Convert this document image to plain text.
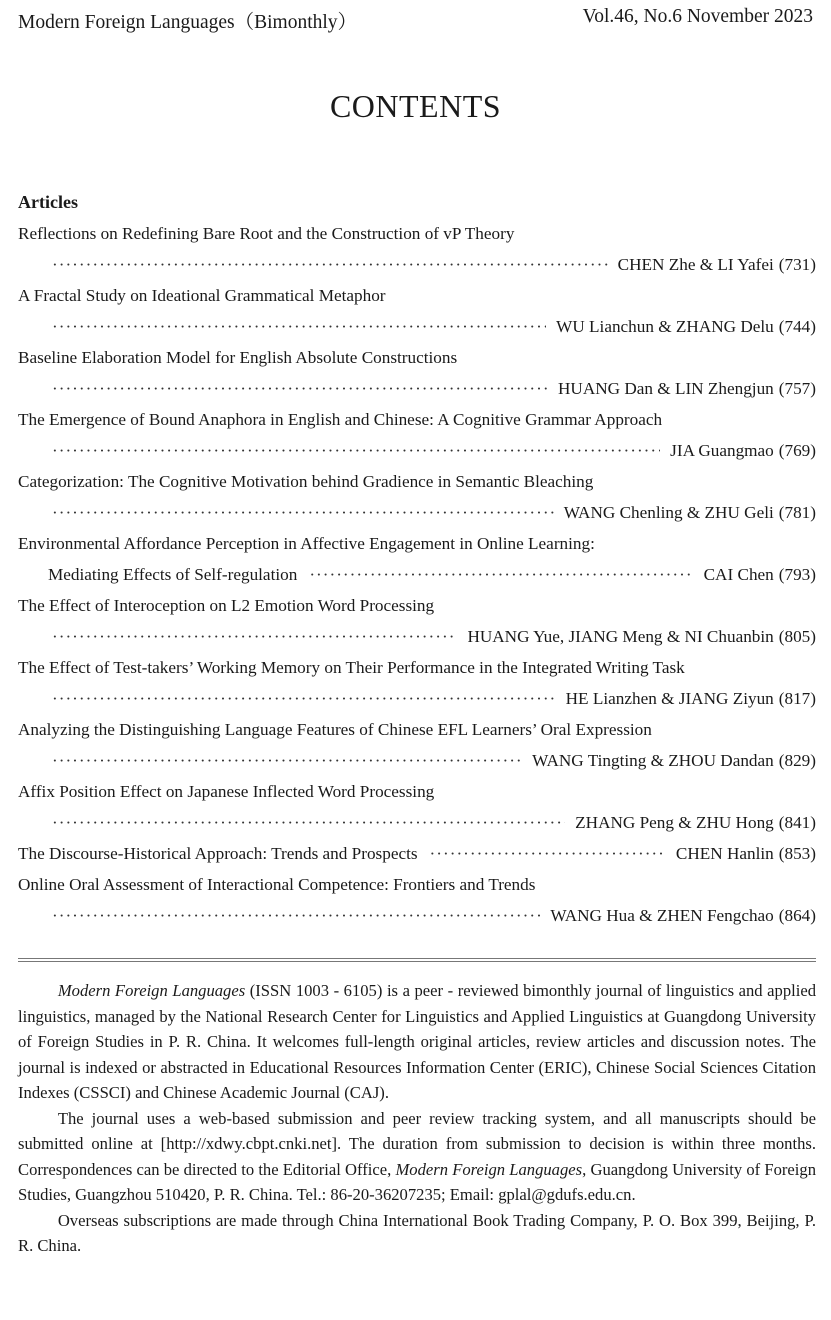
Modern Foreign Languages（Bimonthly）	Vol.46, No.6 November 2023
CONTENTS
Articles
Reflections on Redefining Bare Root and the Construction of vP Theory
·····
CHEN Zhe & LI Yafei (731)
A Fractal Study on Ideational Grammatical Metaphor
·····
WU Lianchun & ZHANG Delu (744)
Baseline Elaboration Model for English Absolute Constructions
·····
HUANG Dan & LIN Zhengjun (757)
The Emergence of Bound Anaphora in English and Chinese: A Cognitive Grammar Approach
·····
JIA Guangmao (769)
Categorization: The Cognitive Motivation behind Gradience in Semantic Bleaching
·····
WANG Chenling & ZHU Geli (781)
Environmental Affordance Perception in Affective Engagement in Online Learning:
Mediating Effects of Self-regulation ·····	CAI Chen (793)
The Effect of Interoception on L2 Emotion Word Processing
·····
HUANG Yue, JIANG Meng & NI Chuanbin (805)
The Effect of Test-takers’ Working Memory on Their Performance in the Integrated Writing Task
·····
HE Lianzhen & JIANG Ziyun (817)
Analyzing the Distinguishing Language Features of Chinese EFL Learners’ Oral Expression
·····
WANG Tingting & ZHOU Dandan (829)
Affix Position Effect on Japanese Inflected Word Processing
·····
ZHANG Peng & ZHU Hong (841)
The Discourse-Historical Approach: Trends and Prospects ·····	CHEN Hanlin (853)
Online Oral Assessment of Interactional Competence: Frontiers and Trends
·····
WANG Hua & ZHEN Fengchao (864)

Modern Foreign Languages (ISSN 1003 - 6105) is a peer - reviewed bimonthly journal of linguistics and applied linguistics, managed by the National Research Center for Linguistics and Applied Linguistics at Guangdong University of Foreign Studies in P. R. China. It welcomes full-length original articles, review articles and discussion notes. The journal is indexed or abstracted in Educational Resources Information Center (ERIC), Chinese Social Sciences Citation Indexes (CSSCI) and Chinese Academic Journal (CAJ).

The journal uses a web-based submission and peer review tracking system, and all manuscripts should be submitted online at [http://xdwy.cbpt.cnki.net]. The duration from submission to decision is within three months. Correspondences can be directed to the Editorial Office, Modern Foreign Languages, Guangdong University of Foreign Studies, Guangzhou 510420, P. R. China. Tel.: 86-20-36207235; Email: gplal@gdufs.edu.cn.

Overseas subscriptions are made through China International Book Trading Company, P. O. Box 399, Beijing, P. R. China.
